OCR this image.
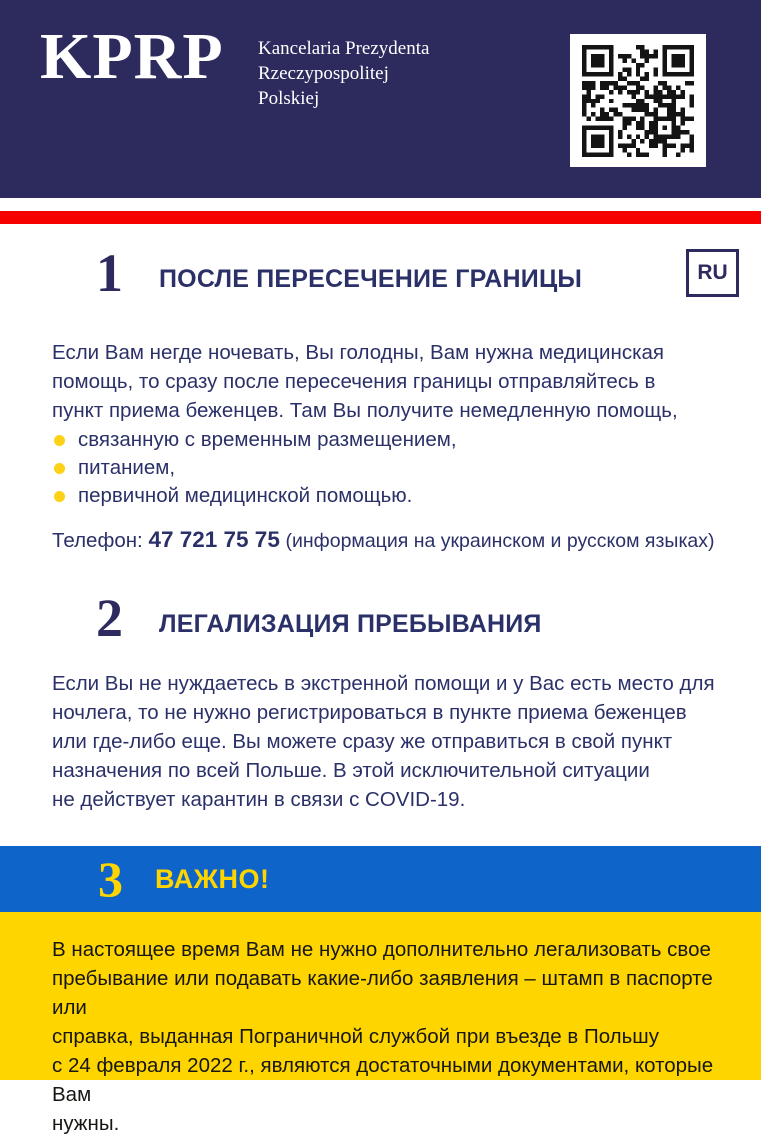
KPRP Kancelaria Prezydenta
Rzeczypospolitej
Polskiej
RU
1 ПОСЛЕ ПЕРЕСЕЧЕНИЕ ГРАНИЦЫ

Если Вам негде ночевать, Вы голодны, Вам нужна медицинская
помощь, то сразу после пересечения границы отправляйтесь в
пункт приема беженцев. Там Вы получите немедленную помощь,

связанную с временным размещением,
питанием,
первичной медицинской помощью.

Телефон: 47 721 75 75 (информация на украинском и русском языках)

2 ЛЕГАЛИЗАЦИЯ ПРЕБЫВАНИЯ

Если Вы не нуждаетесь в экстренной помощи и у Вас есть место для
ночлега, то не нужно регистрироваться в пункте приема беженцев
или где-либо еще. Вы можете сразу же отправиться в свой пункт
назначения по всей Польше. В этой исключительной ситуации
не действует карантин в связи с COVID-19.

3 ВАЖНО!

В настоящее время Вам не нужно дополнительно легализовать свое
пребывание или подавать какие-либо заявления – штамп в паспорте или
справка, выданная Пограничной службой при въезде в Польшу
с 24 февраля 2022 г., являются достаточными документами, которые Вам
нужны.
